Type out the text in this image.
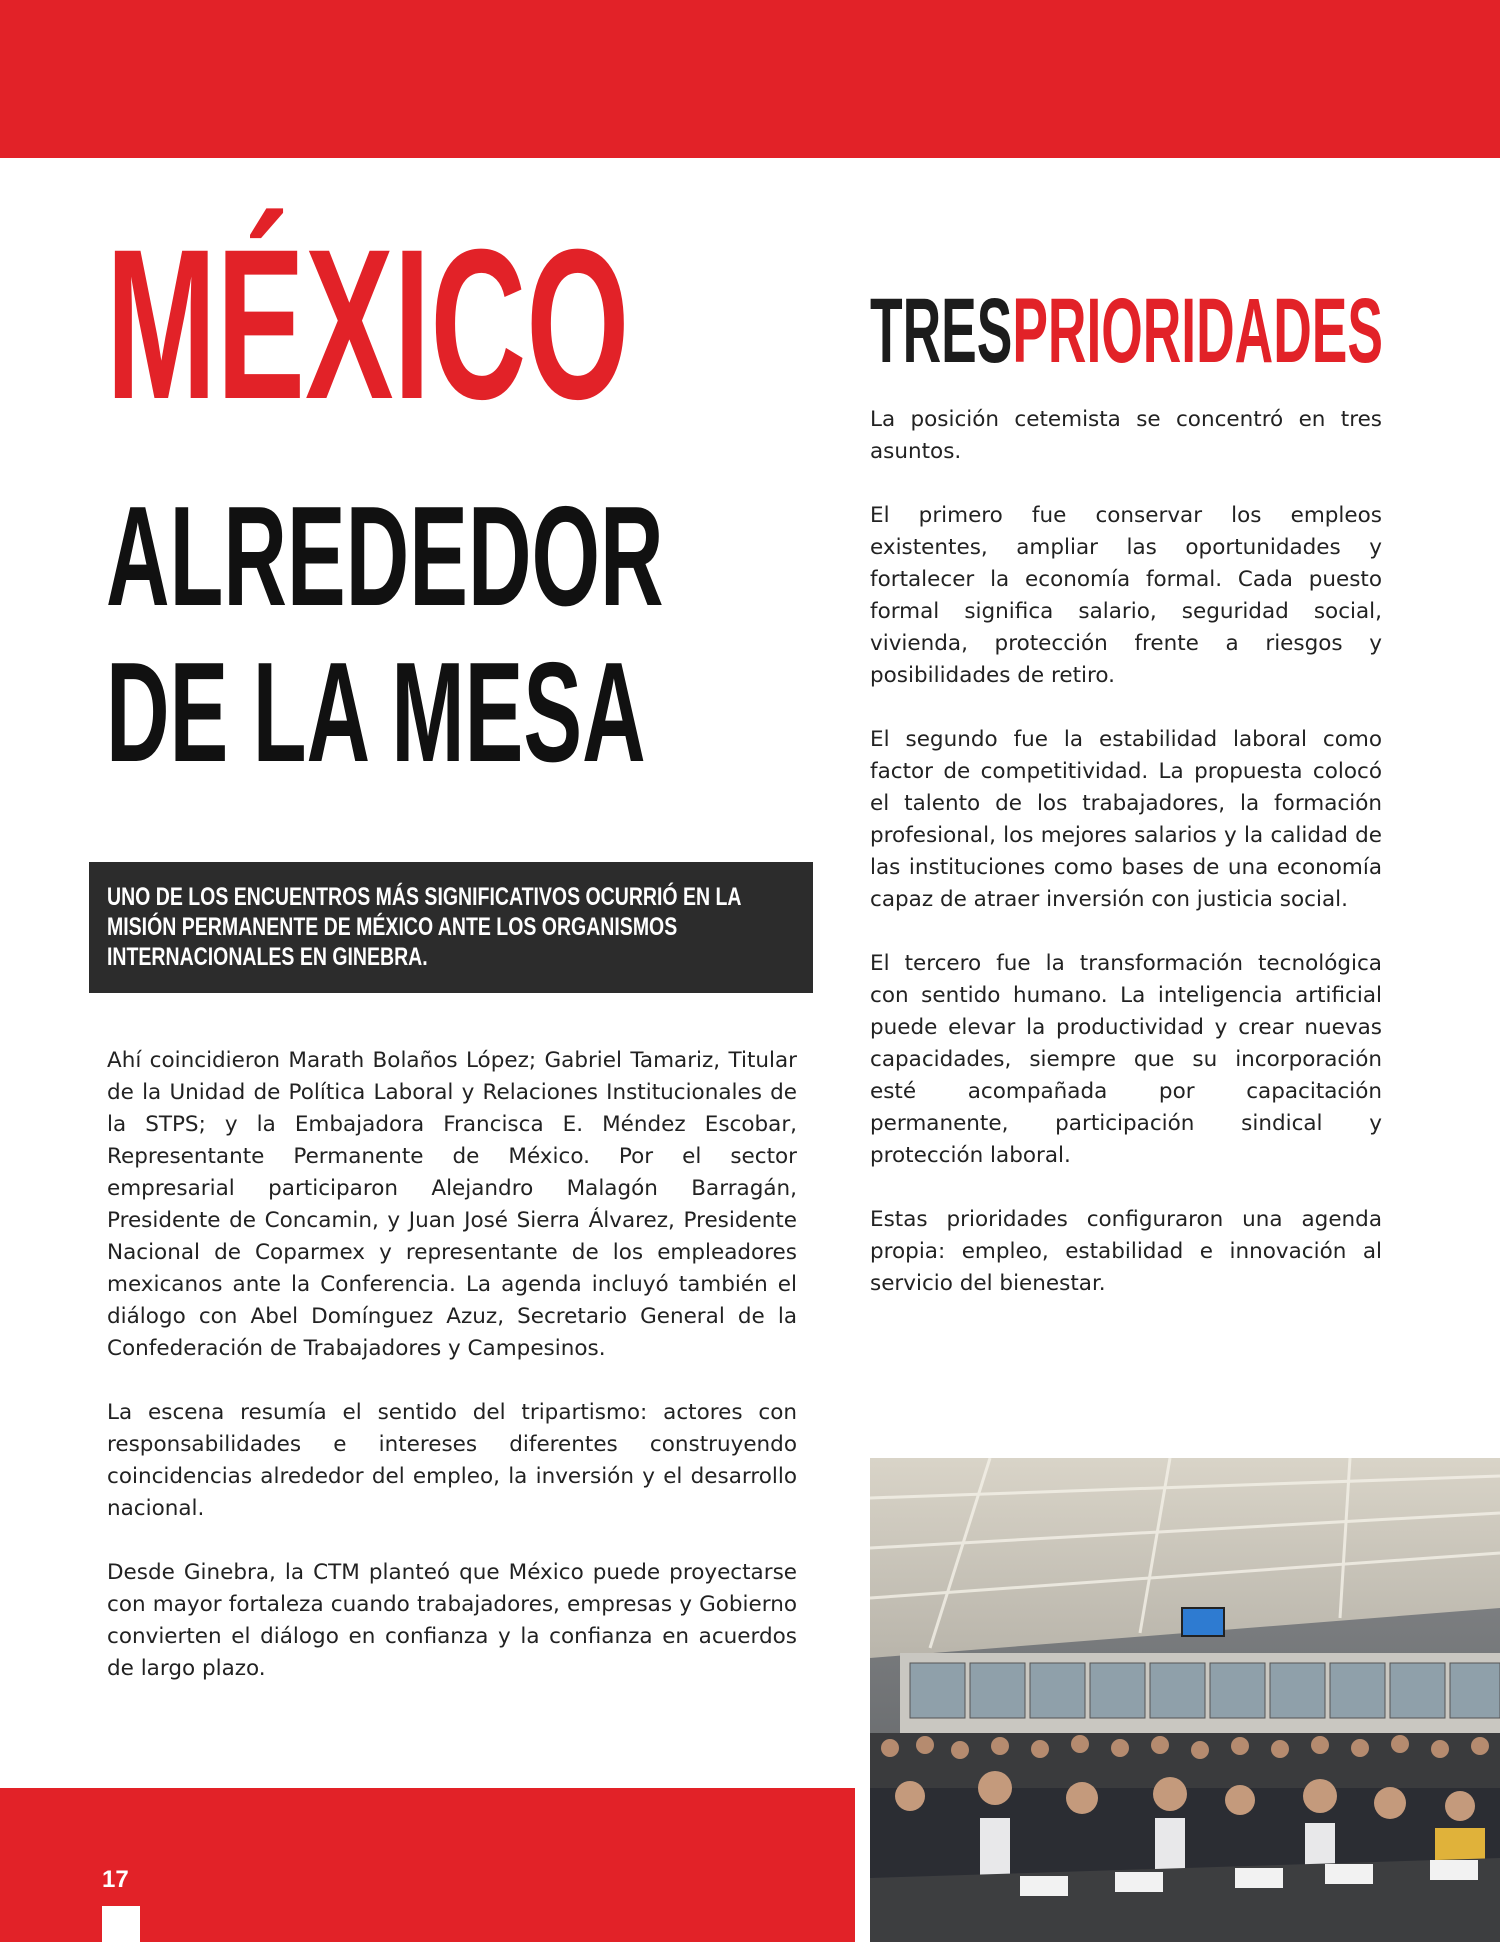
MÉXICO
ALREDEDOR
DE LA MESA

UNO DE LOS ENCUENTROS MÁS SIGNIFICATIVOS OCURRIÓ EN LA MISIÓN PERMANENTE DE MÉXICO ANTE LOS ORGANISMOS INTERNACIONALES EN GINEBRA.

Ahí coincidieron Marath Bolaños López; Gabriel Tamariz, Titular de la Unidad de Política Laboral y Relaciones Institucionales de la STPS; y la Embajadora Francisca E. Méndez Escobar, Representante Permanente de México. Por el sector empresarial participaron Alejandro Malagón Barragán, Presidente de Concamin, y Juan José Sierra Álvarez, Presidente Nacional de Coparmex y representante de los empleadores mexicanos ante la Conferencia. La agenda incluyó también el diálogo con Abel Domínguez Azuz, Secretario General de la Confederación de Trabajadores y Campesinos.

La escena resumía el sentido del tripartismo: actores con responsabilidades e intereses diferentes construyendo coincidencias alrededor del empleo, la inversión y el desarrollo nacional.

Desde Ginebra, la CTM planteó que México puede proyectarse con mayor fortaleza cuando trabajadores, empresas y Gobierno convierten el diálogo en confianza y la confianza en acuerdos de largo plazo.

TRESPRIORIDADES

La posición cetemista se concentró en tres asuntos.

El primero fue conservar los empleos existentes, ampliar las oportunidades y fortalecer la economía formal. Cada puesto formal significa salario, seguridad social, vivienda, protección frente a riesgos y posibilidades de retiro.

El segundo fue la estabilidad laboral como factor de competitividad. La propuesta colocó el talento de los trabajadores, la formación profesional, los mejores salarios y la calidad de las instituciones como bases de una economía capaz de atraer inversión con justicia social.

El tercero fue la transformación tecnológica con sentido humano. La inteligencia artificial puede elevar la productividad y crear nuevas capacidades, siempre que su incorporación esté acompañada por capacitación permanente, participación sindical y protección laboral.

Estas prioridades configuraron una agenda propia: empleo, estabilidad e innovación al servicio del bienestar.

17
